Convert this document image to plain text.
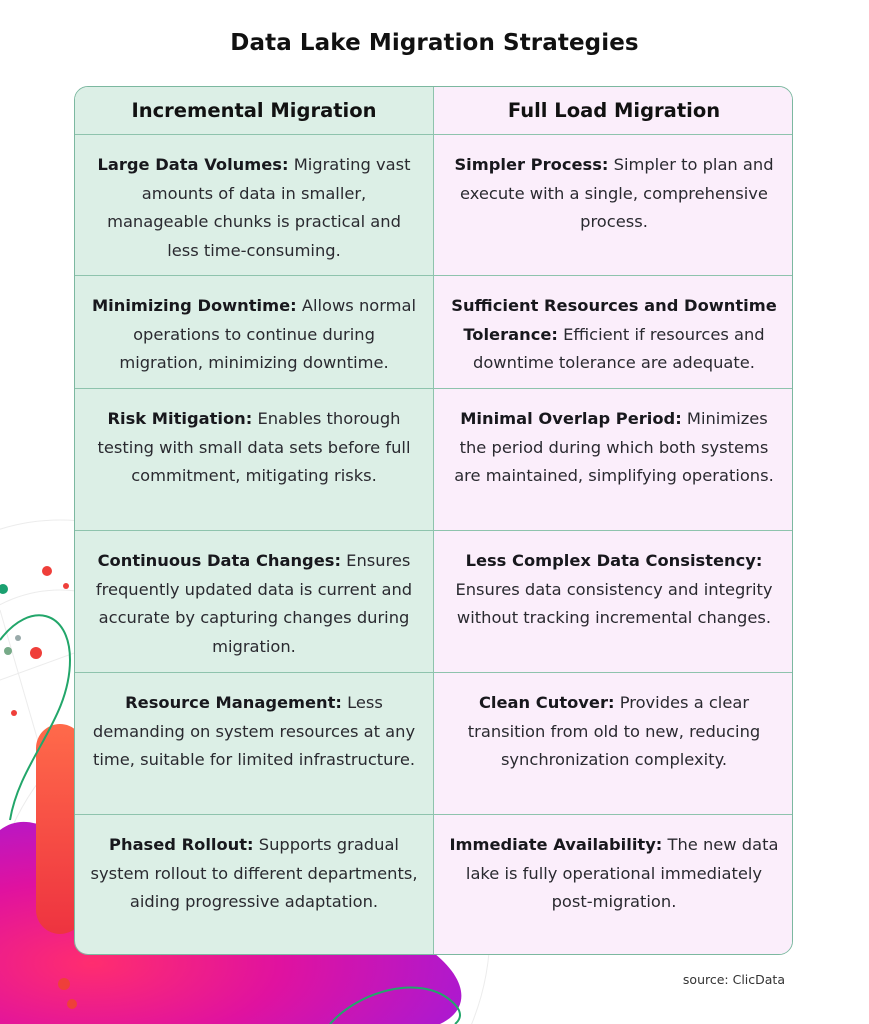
Data Lake Migration Strategies
Incremental Migration	Full Load Migration
Large Data Volumes: Migrating vast amounts of data in smaller, manageable chunks is practical and less time-consuming.
Simpler Process: Simpler to plan and execute with a single, comprehensive process.
Minimizing Downtime: Allows normal operations to continue during migration, minimizing downtime.
Sufficient Resources and Downtime Tolerance: Efficient if resources and downtime tolerance are adequate.
Risk Mitigation: Enables thorough testing with small data sets before full commitment, mitigating risks.
Minimal Overlap Period: Minimizes the period during which both systems are maintained, simplifying operations.
Continuous Data Changes: Ensures frequently updated data is current and accurate by capturing changes during migration.
Less Complex Data Consistency: Ensures data consistency and integrity without tracking incremental changes.
Resource Management: Less demanding on system resources at any time, suitable for limited infrastructure.
Clean Cutover: Provides a clear transition from old to new, reducing synchronization complexity.
Phased Rollout: Supports gradual system rollout to different departments, aiding progressive adaptation.
Immediate Availability: The new data lake is fully operational immediately post-migration.
source: ClicData
